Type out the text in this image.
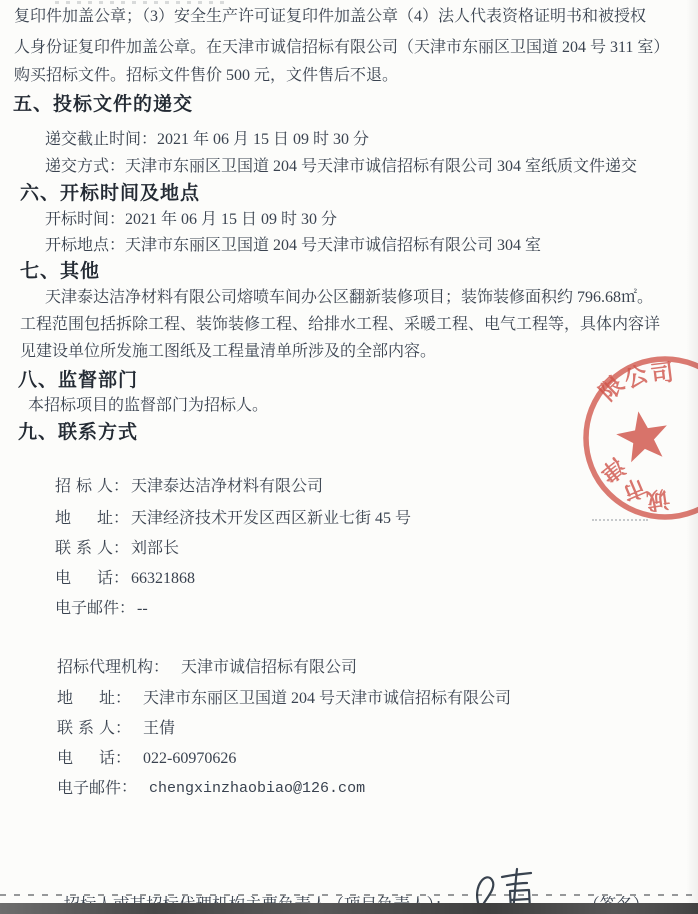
复印件加盖公章；（3）安全生产许可证复印件加盖公章（4）法人代表资格证明书和被授权
人身份证复印件加盖公章。在天津市诚信招标有限公司（天津市东丽区卫国道 204 号 311 室）
购买招标文件。招标文件售价 500 元，文件售后不退。
五、投标文件的递交
递交截止时间：2021 年 06 月 15 日 09 时 30 分
递交方式：天津市东丽区卫国道 204 号天津市诚信招标有限公司 304 室纸质文件递交
六、开标时间及地点
开标时间：2021 年 06 月 15 日 09 时 30 分
开标地点：天津市东丽区卫国道 204 号天津市诚信招标有限公司 304 室
七、其他
天津泰达洁净材料有限公司熔喷车间办公区翻新装修项目；装饰装修面积约 796.68㎡。
工程范围包括拆除工程、装饰装修工程、给排水工程、采暖工程、电气工程等，具体内容详
见建设单位所发施工图纸及工程量清单所涉及的全部内容。
八、监督部门
本招标项目的监督部门为招标人。
九、联系方式

招标人： 天津泰达洁净材料有限公司

地址： 天津经济技术开发区西区新业七街 45 号

联系人： 刘部长

电话： 66321868

电子邮件： --

招标代理机构： 天津市诚信招标有限公司

地址： 天津市东丽区卫国道 204 号天津市诚信招标有限公司

联系人： 王倩

电话： 022-60970626

电子邮件： chengxinzhaobiao@126.com

限
公
司
津
市
诚
